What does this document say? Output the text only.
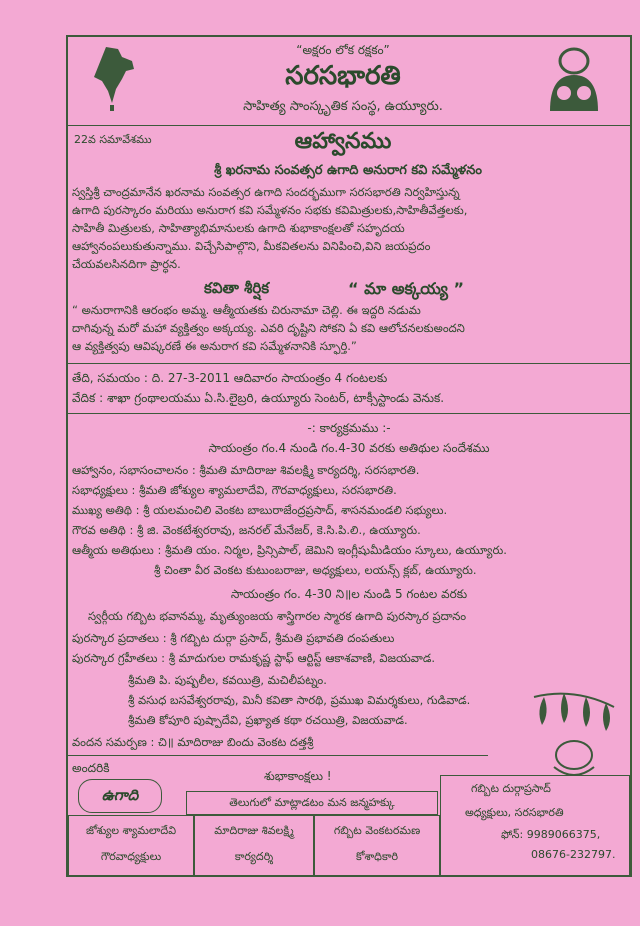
“అక్షరం లోక రక్షకం”
సరసభారతి
సాహిత్య సాంస్కృతిక సంస్థ, ఉయ్యూరు.
22వ సమావేశము	ఆహ్వానము
శ్రీ ఖరనామ సంవత్సర ఉగాది అనురాగ కవి సమ్మేళనం
స్వస్తిశ్రీ చాంద్రమానేన ఖరనామ సంవత్సర ఉగాది సందర్భముగా సరసభారతి నిర్వహిస్తున్న
ఉగాది పురస్కారం మరియు అనురాగ కవి సమ్మేళనం సభకు కవిమిత్రులకు,సాహితీవేత్తలకు,
సాహితీ మిత్రులకు, సాహిత్యాభిమానులకు ఉగాది శుభాకాంక్షలతో సహృదయ
ఆహ్వానంపలుకుతున్నాము. విచ్చేసిపాల్గొని, మీకవితలను వినిపించి,విని జయప్రదం
చేయవలసినదిగా ప్రార్ధన.
కవితా శీర్షిక	“ మా అక్కయ్య ”
“ అనురాగానికి ఆరంభం అమ్మ. ఆత్మీయతకు చిరునామా చెల్లి. ఈ ఇద్దరి నడుమ
దాగివున్న మరో మహా వ్యక్తిత్వం అక్కయ్య. ఎవరి దృష్టిని సోకని ఏ కవి ఆలోచనలకుఅందని
ఆ వ్యక్తిత్వపు ఆవిష్కరణే ఈ అనురాగ కవి సమ్మేళనానికి స్ఫూర్తి.”
తేది, సమయం : ది. 27-3-2011 ఆదివారం సాయంత్రం 4 గంటలకు
వేదిక : శాఖా గ్రంథాలయము ఏ.సి.లైబ్రరి, ఉయ్యూరు సెంటర్, టాక్సీస్టాండు వెనుక.
-: కార్యక్రమము :-
సాయంత్రం గం.4 నుండి గం.4-30 వరకు అతిథుల సందేశము
ఆహ్వానం, సభాసంచాలనం : శ్రీమతి మాదిరాజు శివలక్ష్మి కార్యదర్శి, సరసభారతి.
సభాధ్యక్షులు : శ్రీమతి జోశ్యుల శ్యామలాదేవి, గౌరవాధ్యక్షులు, సరసభారతి.
ముఖ్య అతిథి : శ్రీ యలమంచిలి వెంకట బాబురాజేంద్రప్రసాద్, శాసనమండలి సభ్యులు.
గౌరవ అతిథి : శ్రీ జి. వెంకటేశ్వరరావు, జనరల్ మేనేజర్, కె.సి.పి.లి., ఉయ్యూరు.
ఆత్మీయ అతిథులు : శ్రీమతి యం. నిర్మల, ప్రిన్సిపాల్, జెమిని ఇంగ్లీషుమీడియం స్కూలు, ఉయ్యూరు.
శ్రీ చింతా వీర వెంకట కుటుంబరాజు, అధ్యక్షులు, లయన్స్ క్లబ్, ఉయ్యూరు.
సాయంత్రం గం. 4-30 ని॥ల నుండి 5 గంటల వరకు
స్వర్గీయ గబ్బిట భవానమ్మ, మృత్యుంజయ శాస్త్రిగారల స్మారక ఉగాది పురస్కార ప్రదానం
పురస్కార ప్రదాతలు : శ్రీ గబ్బిట దుర్గా ప్రసాద్, శ్రీమతి ప్రభావతి దంపతులు
పురస్కార గ్రహీతలు : శ్రీ మాదుగుల రామకృష్ణ స్టాఫ్ ఆర్టిస్ట్ ఆకాశవాణి, విజయవాడ.
శ్రీమతి పి. పుష్పలీల, కవయిత్రి, మచిలీపట్నం.
శ్రీ వసుధ బసవేశ్వరరావు, మినీ కవితా సారథి, ప్రముఖ విమర్శకులు, గుడివాడ.
శ్రీమతి కోపూరి పుష్పాదేవి, ప్రఖ్యాత కథా రచయిత్రి, విజయవాడ.
వందన సమర్పణ : చి॥ మాదిరాజు బిందు వెంకట దత్తశ్రీ
అందరికి
ఉగాది
శుభాకాంక్షలు !
తెలుగులో మాట్లాడటం మన జన్మహక్కు
జోశ్యుల శ్యామలాదేవి
గౌరవాధ్యక్షులు
మాదిరాజు శివలక్ష్మి
కార్యదర్శి
గబ్బిట వెంకటరమణ
కోశాధికారి
గబ్బిట దుర్గాప్రసాద్
అధ్యక్షులు, సరసభారతి
ఫోన్: 9989066375,
08676-232797.
